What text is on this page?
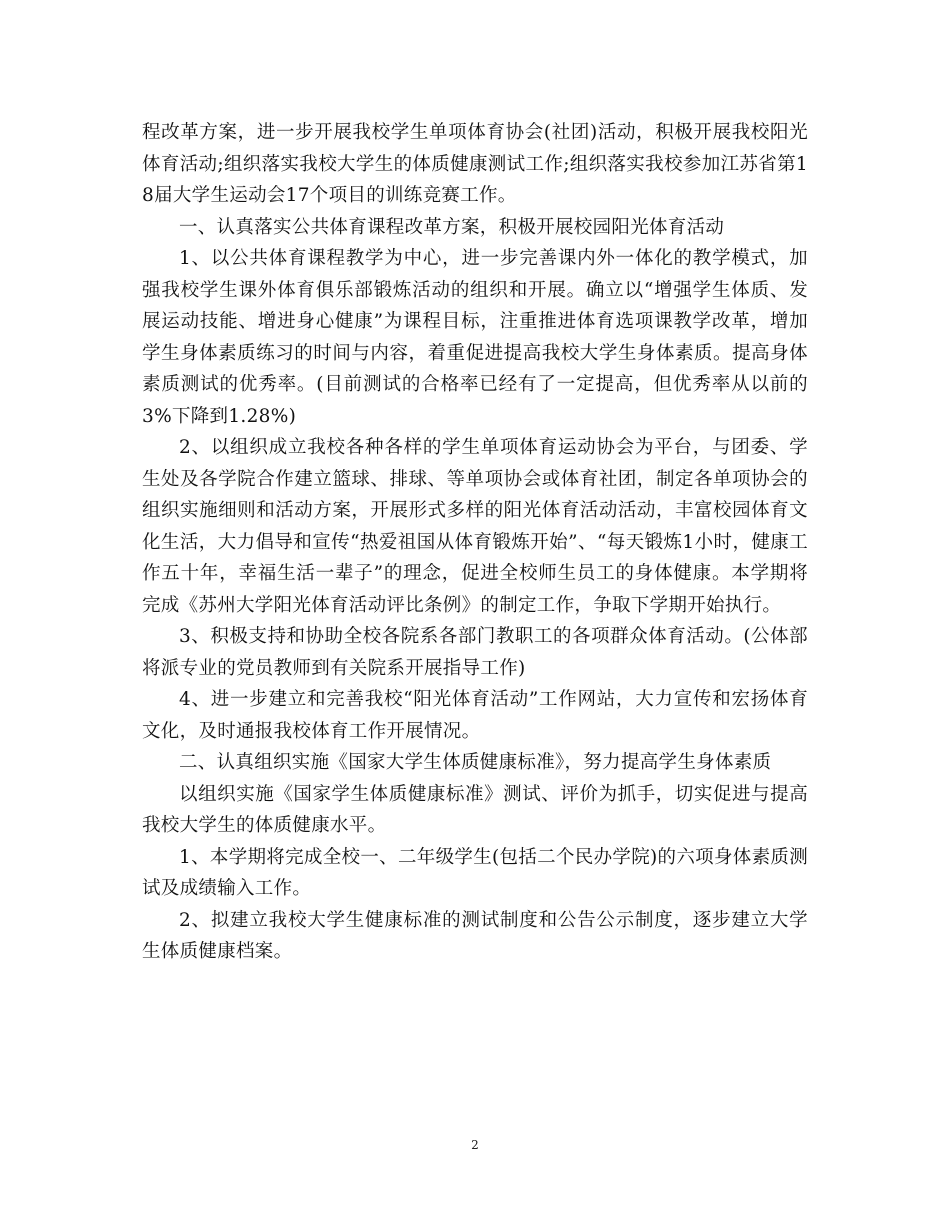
程改革方案，进一步开展我校学生单项体育协会(社团)活动，积极开展我校阳光体育活动;组织落实我校大学生的体质健康测试工作;组织落实我校参加江苏省第18届大学生运动会17个项目的训练竞赛工作。

一、认真落实公共体育课程改革方案，积极开展校园阳光体育活动

1、以公共体育课程教学为中心，进一步完善课内外一体化的教学模式，加强我校学生课外体育俱乐部锻炼活动的组织和开展。确立以“增强学生体质、发展运动技能、增进身心健康”为课程目标，注重推进体育选项课教学改革，增加学生身体素质练习的时间与内容，着重促进提高我校大学生身体素质。提高身体素质测试的优秀率。(目前测试的合格率已经有了一定提高，但优秀率从以前的3%下降到1.28%)

2、以组织成立我校各种各样的学生单项体育运动协会为平台，与团委、学生处及各学院合作建立篮球、排球、等单项协会或体育社团，制定各单项协会的组织实施细则和活动方案，开展形式多样的阳光体育活动活动，丰富校园体育文化生活，大力倡导和宣传“热爱祖国从体育锻炼开始”、“每天锻炼1小时，健康工作五十年，幸福生活一辈子”的理念，促进全校师生员工的身体健康。本学期将完成《苏州大学阳光体育活动评比条例》的制定工作，争取下学期开始执行。

3、积极支持和协助全校各院系各部门教职工的各项群众体育活动。(公体部将派专业的党员教师到有关院系开展指导工作)

4、进一步建立和完善我校“阳光体育活动”工作网站，大力宣传和宏扬体育文化，及时通报我校体育工作开展情况。

二、认真组织实施《国家大学生体质健康标准》，努力提高学生身体素质

以组织实施《国家学生体质健康标准》测试、评价为抓手，切实促进与提高我校大学生的体质健康水平。

1、本学期将完成全校一、二年级学生(包括二个民办学院)的六项身体素质测试及成绩输入工作。

2、拟建立我校大学生健康标准的测试制度和公告公示制度，逐步建立大学生体质健康档案。

2
